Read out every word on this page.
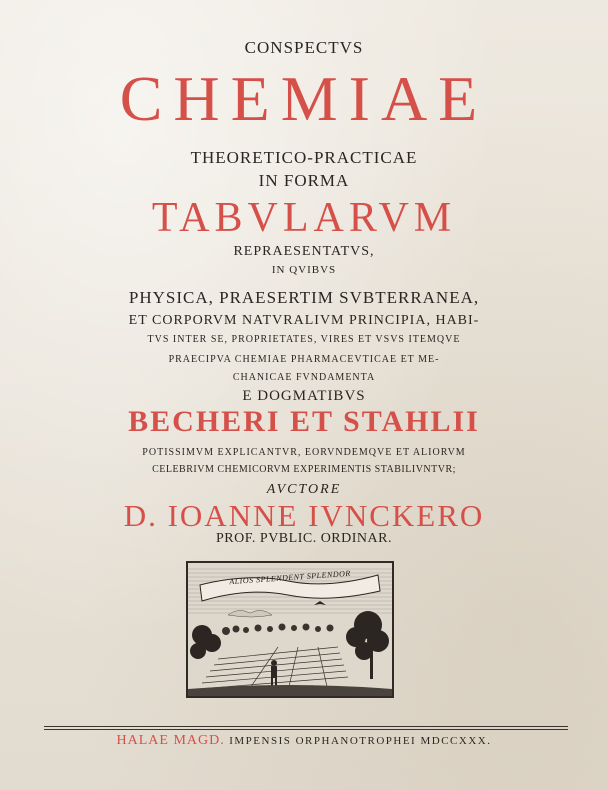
CONSPECTVS
CHEMIAE
THEORETICO-PRACTICAE
IN FORMA
TABVLARVM
REPRAESENTATVS,
IN QVIBVS
PHYSICA, PRAESERTIM SVBTERRANEA,
ET CORPORVM NATVRALIVM PRINCIPIA, HABI-
TVS INTER SE, PROPRIETATES, VIRES ET VSVS ITEMQVE
PRAECIPVA CHEMIAE PHARMACEVTICAE ET ME-
CHANICAE FVNDAMENTA
E DOGMATIBVS
BECHERI ET STAHLII
POTISSIMVM EXPLICANTVR, EORVNDEMQVE ET ALIORVM
CELEBRIVM CHEMICORVM EXPERIMENTIS STABILIVNTVR;
AVCTORE
D. IOANNE IVNCKERO
PROF. PVBLIC. ORDINAR.
ALIOS SPLENDENT SPLENDOR
HALAE MAGD. IMPENSIS ORPHANOTROPHEI MDCCXXX.
